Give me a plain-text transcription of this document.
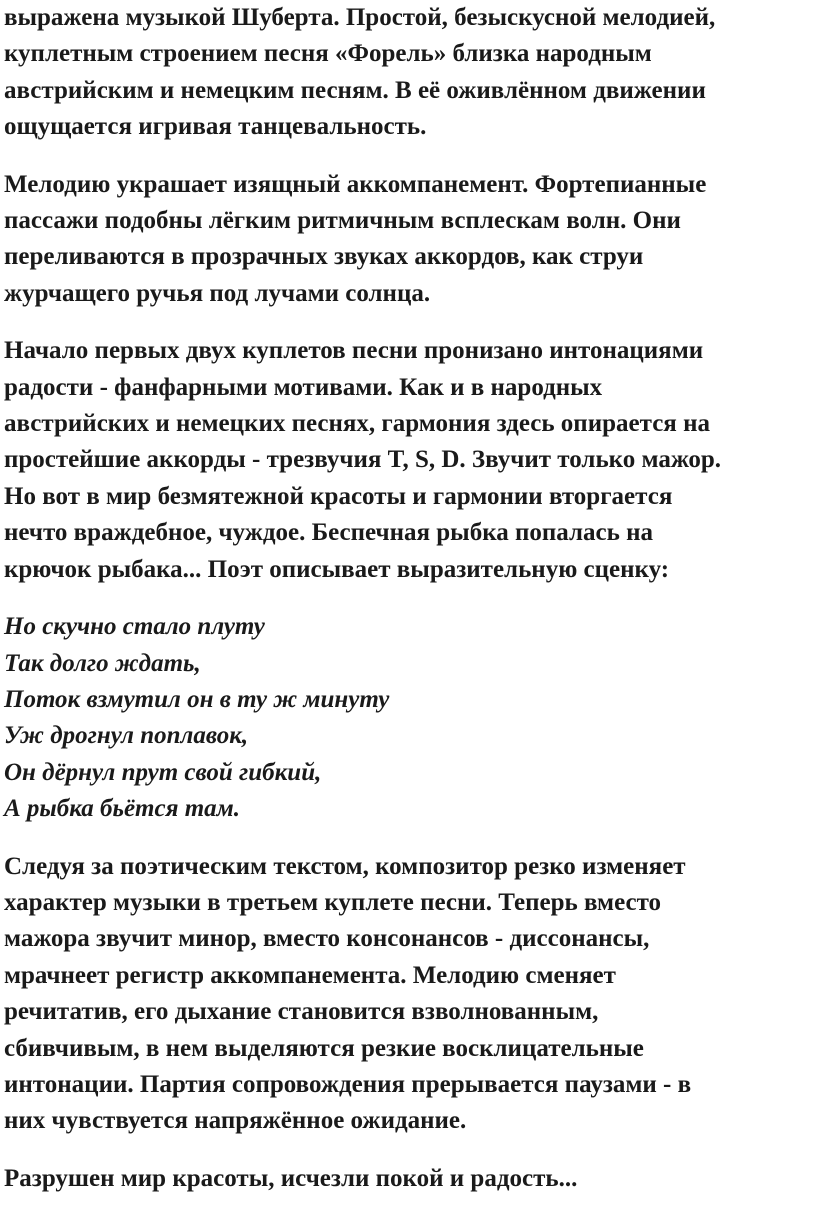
выражена музыкой Шуберта. Простой, безыскусной мелодией,
куплетным строением песня «Форель» близка народным
австрийским и немецким песням. В её оживлённом движении
ощущается игривая танцевальность.
Мелодию украшает изящный аккомпанемент. Фортепианные
пассажи подобны лёгким ритмичным всплескам волн. Они
переливаются в прозрачных звуках аккордов, как струи
журчащего ручья под лучами солнца.
Начало первых двух куплетов песни пронизано интонациями
радости - фанфарными мотивами. Как и в народных
австрийских и немецких песнях, гармония здесь опирается на
простейшие аккорды - трезвучия T, S, D. Звучит только мажор.
Но вот в мир безмятежной красоты и гармонии вторгается
нечто враждебное, чуждое. Беспечная рыбка попалась на
крючок рыбака... Поэт описывает выразительную сценку:
Но скучно стало плуту
Так долго ждать,
Поток взмутил он в ту ж минуту
Уж дрогнул поплавок,
Он дёрнул прут свой гибкий,
А рыбка бьётся там.
Следуя за поэтическим текстом, композитор резко изменяет
характер музыки в третьем куплете песни. Теперь вместо
мажора звучит минор, вместо консонансов - диссонансы,
мрачнеет регистр аккомпанемента. Мелодию сменяет
речитатив, его дыхание становится взволнованным,
сбивчивым, в нем выделяются резкие восклицательные
интонации. Партия сопровождения прерывается паузами - в
них чувствуется напряжённое ожидание.
Разрушен мир красоты, исчезли покой и радость...
